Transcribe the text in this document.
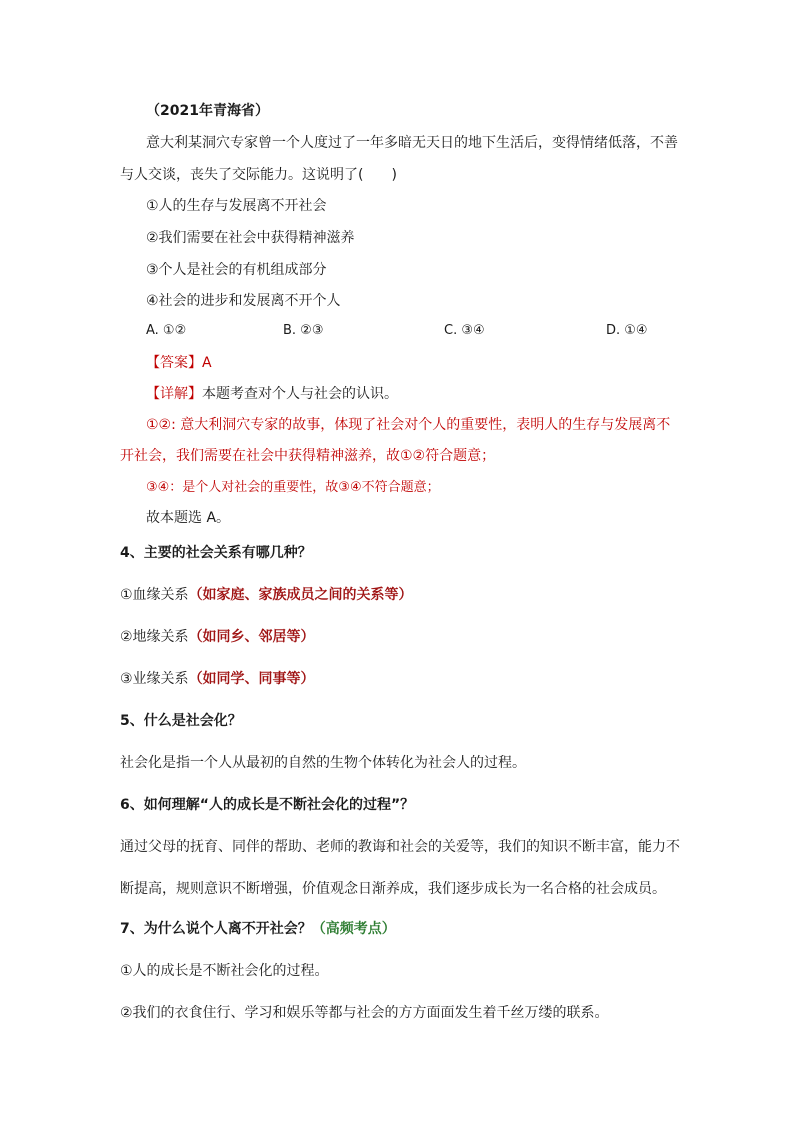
（2021年青海省）
意大利某洞穴专家曾一个人度过了一年多暗无天日的地下生活后，变得情绪低落，不善
与人交谈，丧失了交际能力。这说明了(　　)
①人的生存与发展离不开社会
②我们需要在社会中获得精神滋养
③个人是社会的有机组成部分
④社会的进步和发展离不开个人
A. ①②	B. ②③	C. ③④	D. ①④
【答案】A
【详解】本题考查对个人与社会的认识。
①②: 意大利洞穴专家的故事，体现了社会对个人的重要性，表明人的生存与发展离不
开社会，我们需要在社会中获得精神滋养，故①②符合题意；
③④：是个人对社会的重要性，故③④不符合题意；
故本题选 A。
4、主要的社会关系有哪几种？
①血缘关系（如家庭、家族成员之间的关系等）
②地缘关系（如同乡、邻居等）
③业缘关系（如同学、同事等）
5、什么是社会化？
社会化是指一个人从最初的自然的生物个体转化为社会人的过程。
6、如何理解“人的成长是不断社会化的过程”？
通过父母的抚育、同伴的帮助、老师的教诲和社会的关爱等，我们的知识不断丰富，能力不
断提高，规则意识不断增强，价值观念日渐养成，我们逐步成长为一名合格的社会成员。
7、为什么说个人离不开社会？（高频考点）
①人的成长是不断社会化的过程。
②我们的衣食住行、学习和娱乐等都与社会的方方面面发生着千丝万缕的联系。
